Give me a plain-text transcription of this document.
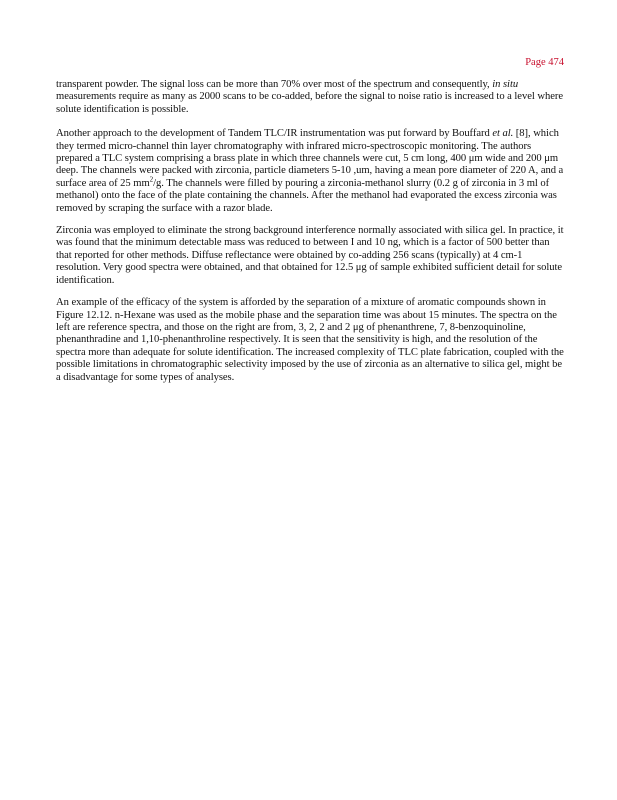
Page 474

transparent powder. The signal loss can be more than 70% over most of the spectrum and consequently, in situ measurements require as many as 2000 scans to be co-added, before the signal to noise ratio is increased to a level where solute identification is possible.

Another approach to the development of Tandem TLC/IR instrumentation was put forward by Bouffard et al. [8], which they termed micro-channel thin layer chromatography with infrared micro-spectroscopic monitoring. The authors prepared a TLC system comprising a brass plate in which three channels were cut, 5 cm long, 400 μm wide and 200 μm deep. The channels were packed with zirconia, particle diameters 5-10 ,um, having a mean pore diameter of 220 A, and a surface area of 25 $mm^2/g$. The channels were filled by pouring a zirconia-methanol slurry (0.2 g of zirconia in 3 ml of methanol) onto the face of the plate containing the channels. After the methanol had evaporated the excess zirconia was removed by scraping the surface with a razor blade.

Zirconia was employed to eliminate the strong background interference normally associated with silica gel. In practice, it was found that the minimum detectable mass was reduced to between I and 10 ng, which is a factor of 500 better than that reported for other methods. Diffuse reflectance were obtained by co-adding 256 scans (typically) at 4 cm-1 resolution. Very good spectra were obtained, and that obtained for 12.5 μg of sample exhibited sufficient detail for solute identification.

An example of the efficacy of the system is afforded by the separation of a mixture of aromatic compounds shown in Figure 12.12. n-Hexane was used as the mobile phase and the separation time was about 15 minutes. The spectra on the left are reference spectra, and those on the right are from, 3, 2, 2 and 2 μg of phenanthrene, 7, 8-benzoquinoline, phenanthradine and 1,10-phenanthroline respectively. It is seen that the sensitivity is high, and the resolution of the spectra more than adequate for solute identification. The increased complexity of TLC plate fabrication, coupled with the possible limitations in chromatographic selectivity imposed by the use of zirconia as an alternative to silica gel, might be a disadvantage for some types of analyses.
